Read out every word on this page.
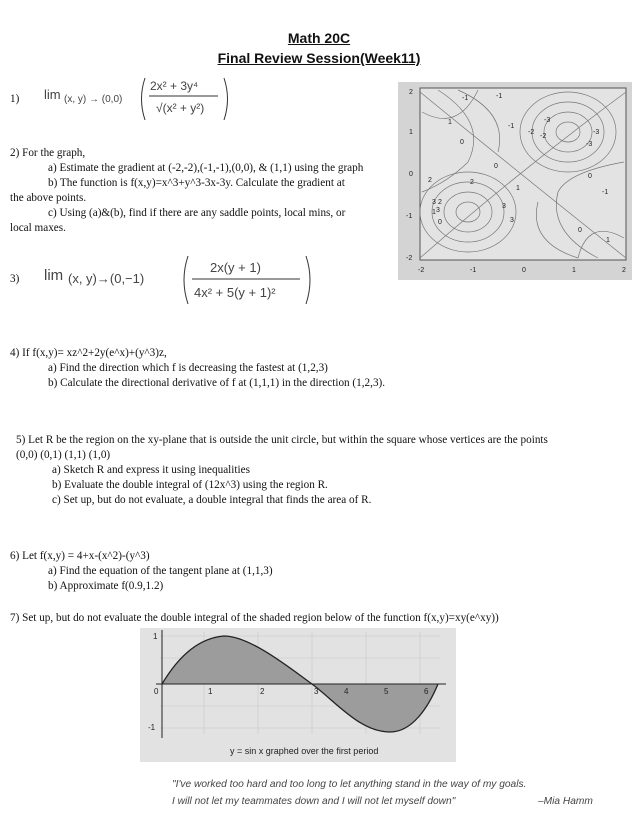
Math 20C
Final Review Session(Week11)
1) lim (x, y) → (0,0)
2x² + 3y⁴
√(x² + y²)
2) For the graph,
a) Estimate the gradient at (-2,-2),(-1,-1),(0,0), & (1,1) using the graph
b) The function is f(x,y)=x^3+y^3-3x-3y. Calculate the gradient at
the above points.
c) Using (a)&(b), find if there are any saddle points, local mins, or
local maxes.
-1	-1
-3
-2
-1
-2
-3
0
1
3 2
1
0
2
3
3
1
0
-1
0
2
3
1
0
-3
-2	-1	0	1	2
2
1
0
-1
-2
3) lim (x, y)→(0,−1)
2x(y + 1)
4x² + 5(y + 1)²
4) If f(x,y)= xz^2+2y(e^x)+(y^3)z,
a) Find the direction which f is decreasing the fastest at (1,2,3)
b) Calculate the directional derivative of f at (1,1,1) in the direction (1,2,3).
5) Let R be the region on the xy-plane that is outside the unit circle, but within the square whose vertices are the points
(0,0) (0,1) (1,1) (1,0)
a) Sketch R and express it using inequalities
b) Evaluate the double integral of (12x^3) using the region R.
c) Set up, but do not evaluate, a double integral that finds the area of R.
6) Let f(x,y) = 4+x-(x^2)-(y^3)
a) Find the equation of the tangent plane at (1,1,3)
b) Approximate f(0.9,1.2)
7) Set up, but do not evaluate the double integral of the shaded region below of the function f(x,y)=xy(e^xy))
0	1	2	3	4	5	6
1
-1
y = sin x graphed over the first period
"I've worked too hard and too long to let anything stand in the way of my goals.
I will not let my teammates down and I will not let myself down"	–Mia Hamm
